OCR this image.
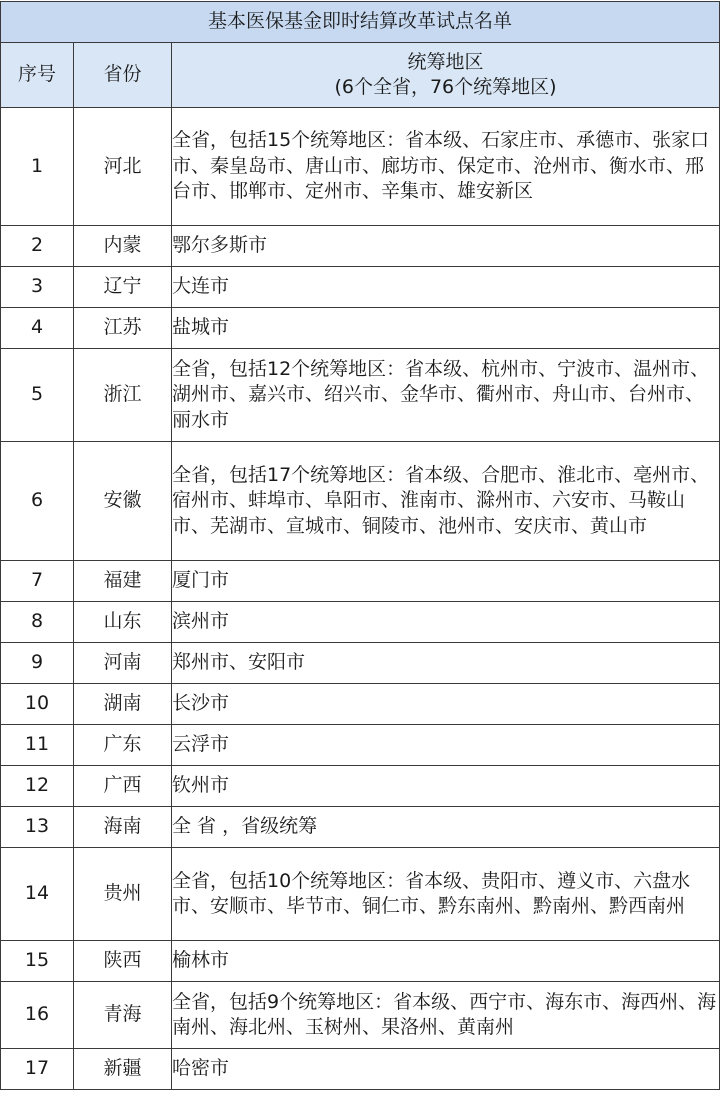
基本医保基金即时结算改革试点名单		
序号	省份	统筹地区
(6个全省，76个统筹地区)

1	河北	全省，包括15个统筹地区：省本级、石家庄市、承德市、张家口市、秦皇岛市、唐山市、廊坊市、保定市、沧州市、衡水市、邢台市、邯郸市、定州市、辛集市、雄安新区
2	内蒙	鄂尔多斯市
3	辽宁	大连市
4	江苏	盐城市
5	浙江	全省，包括12个统筹地区：省本级、杭州市、宁波市、温州市、湖州市、嘉兴市、绍兴市、金华市、衢州市、舟山市、台州市、丽水市
6	安徽	全省，包括17个统筹地区：省本级、合肥市、淮北市、亳州市、宿州市、蚌埠市、阜阳市、淮南市、滁州市、六安市、马鞍山市、芜湖市、宣城市、铜陵市、池州市、安庆市、黄山市
7	福建	厦门市
8	山东	滨州市
9	河南	郑州市、安阳市
10	湖南	长沙市
11	广东	云浮市
12	广西	钦州市
13	海南	全 省 ，省级统筹
14	贵州	全省，包括10个统筹地区：省本级、贵阳市、遵义市、六盘水市、安顺市、毕节市、铜仁市、黔东南州、黔南州、黔西南州
15	陕西	榆林市
16	青海	全省，包括9个统筹地区：省本级、西宁市、海东市、海西州、海南州、海北州、玉树州、果洛州、黄南州
17	新疆	哈密市
